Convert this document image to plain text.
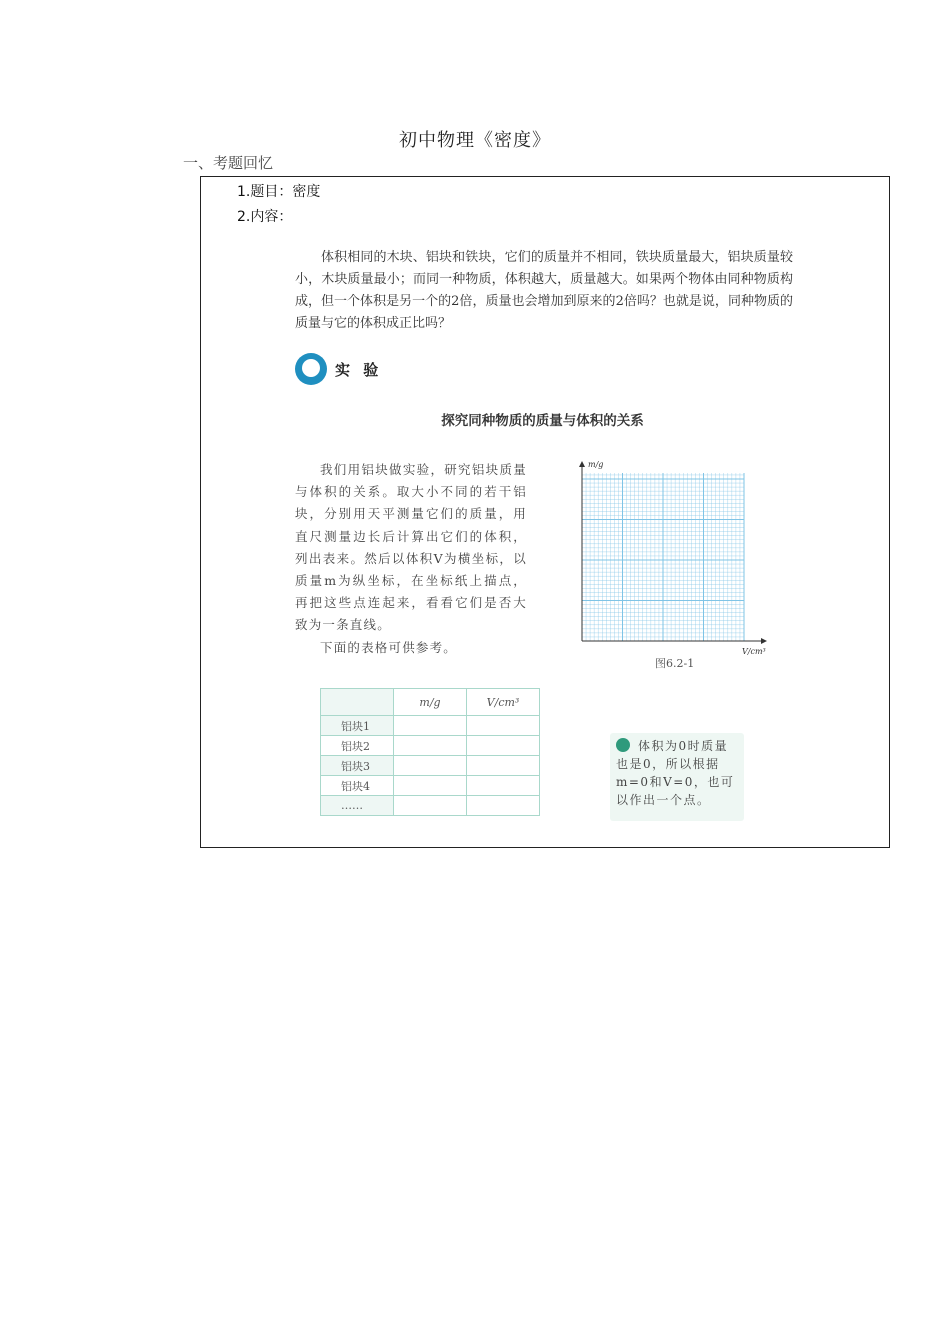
初中物理《密度》
一、考题回忆
1.题目：密度
2.内容：
体积相同的木块、铝块和铁块，它们的质量并不相同，铁块质量最大，铝块质量较小，木块质量最小；而同一种物质，体积越大，质量越大。如果两个物体由同种物质构成，但一个体积是另一个的2倍，质量也会增加到原来的2倍吗？也就是说，同种物质的质量与它的体积成正比吗？
实 验
探究同种物质的质量与体积的关系

我们用铝块做实验，研究铝块质量与体积的关系。取大小不同的若干铝块，分别用天平测量它们的质量，用直尺测量边长后计算出它们的体积，列出表来。然后以体积V为横坐标，以质量m为纵坐标，在坐标纸上描点，再把这些点连起来，看看它们是否大致为一条直线。

下面的表格可供参考。

m/g
V/cm³
图6.2-1
	m/g	V/cm³
铝块1		
铝块2		
铝块3		
铝块4		
……		
体积为0时质量也是0，所以根据m=0和V=0，也可以作出一个点。
